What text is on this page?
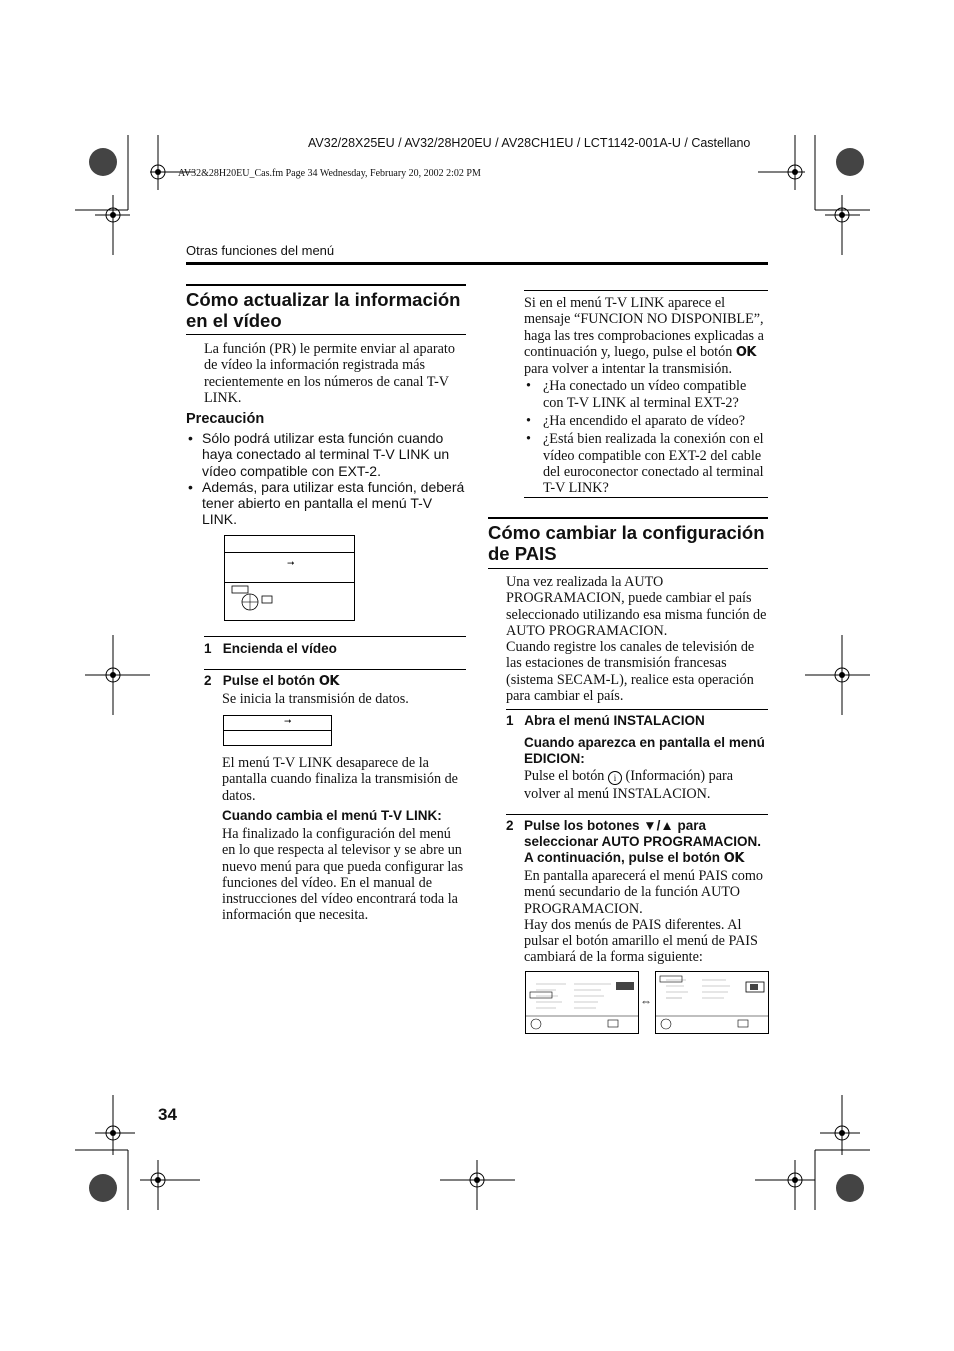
AV32/28X25EU / AV32/28H20EU / AV28CH1EU / LCT1142-001A-U / Castellano
AV32&28H20EU_Cas.fm Page 34 Wednesday, February 20, 2002 2:02 PM
Otras funciones del menú
Cómo actualizar la información en el vídeo
La función (PR) le permite enviar al aparato de vídeo la información registrada más recientemente en los números de canal T-V LINK.
Precaución
• Sólo podrá utilizar esta función cuando haya conectado al terminal T-V LINK un vídeo compatible con EXT-2.
• Además, para utilizar esta función, deberá tener abierto en pantalla el menú T-V LINK.
➞
1 Encienda el vídeo
2 Pulse el botón OK
Se inicia la transmisión de datos.
➞
El menú T-V LINK desaparece de la pantalla cuando finaliza la transmisión de datos.
Cuando cambia el menú T-V LINK:
Ha finalizado la configuración del menú en lo que respecta al televisor y se abre un nuevo menú para que pueda configurar las funciones del vídeo. En el manual de instrucciones del vídeo encontrará toda la información que necesita.
Si en el menú T-V LINK aparece el mensaje “FUNCION NO DISPONIBLE”, haga las tres comprobaciones explicadas a continuación y, luego, pulse el botón OK para volver a intentar la transmisión.
• ¿Ha conectado un vídeo compatible con T-V LINK al terminal EXT-2?
• ¿Ha encendido el aparato de vídeo?
• ¿Está bien realizada la conexión con el vídeo compatible con EXT-2 del cable del euroconector conectado al terminal T-V LINK?
Cómo cambiar la configuración de PAIS
Una vez realizada la AUTO PROGRAMACION, puede cambiar el país seleccionado utilizando esa misma función de AUTO PROGRAMACION.
Cuando registre los canales de televisión de las estaciones de transmisión francesas (sistema SECAM-L), realice esta operación para cambiar el país.
1 Abra el menú INSTALACION
Cuando aparezca en pantalla el menú EDICION:
Pulse el botón i (Información) para volver al menú INSTALACION.
2 Pulse los botones ▼/▲ para seleccionar AUTO PROGRAMACION. A continuación, pulse el botón OK
En pantalla aparecerá el menú PAIS como menú secundario de la función AUTO PROGRAMACION.
Hay dos menús de PAIS diferentes. Al pulsar el botón amarillo el menú de PAIS cambiará de la forma siguiente:
⇔
34
